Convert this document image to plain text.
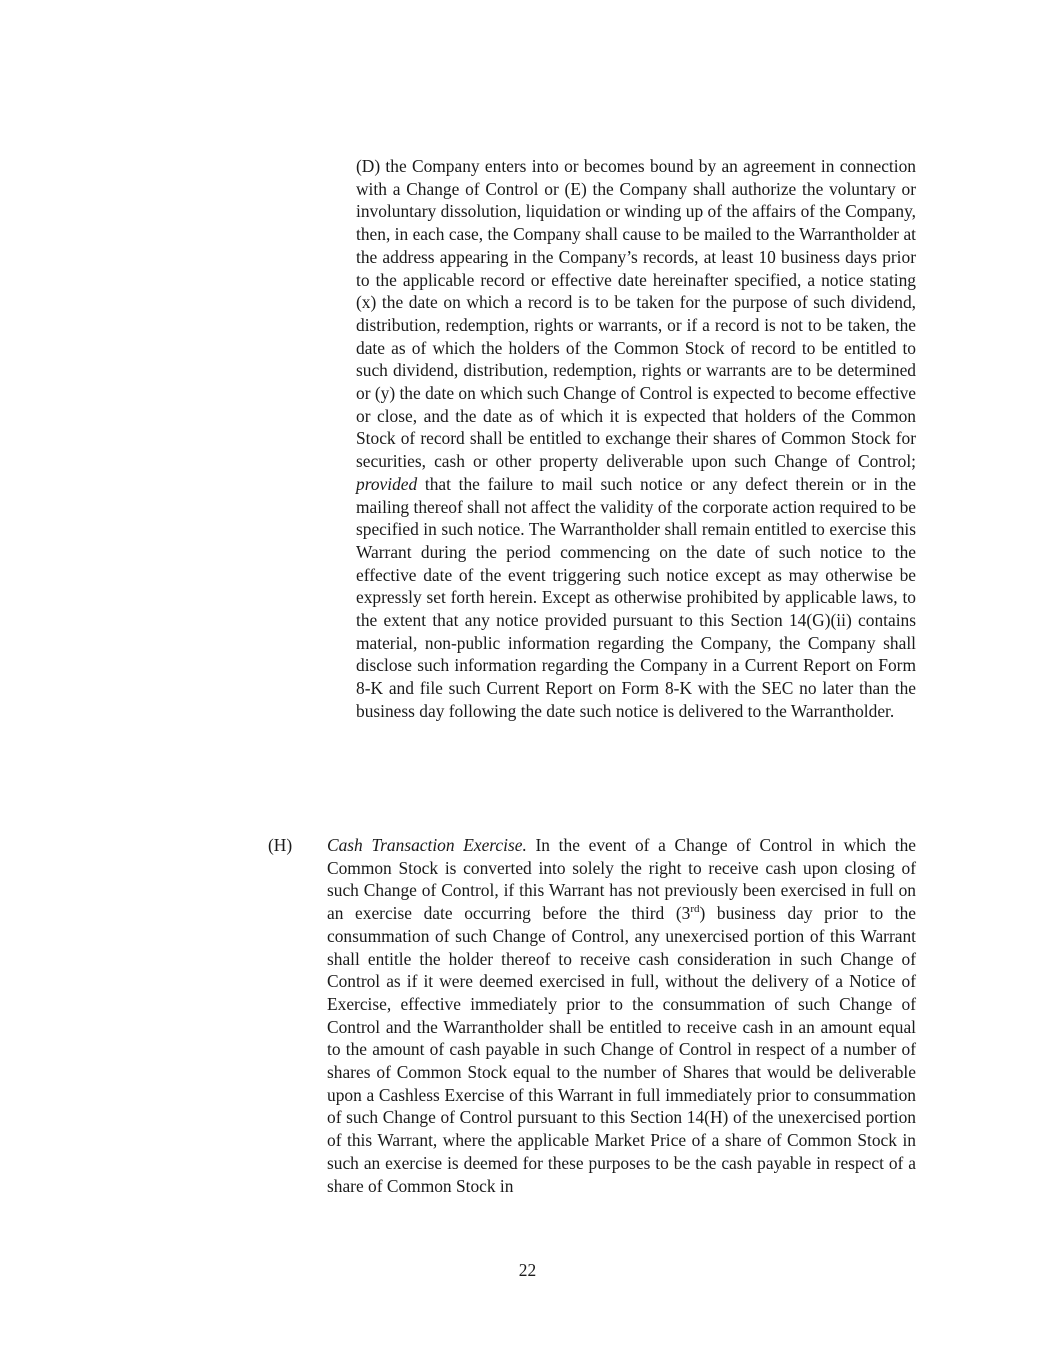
(D) the Company enters into or becomes bound by an agreement in connection with a Change of Control or (E) the Company shall authorize the voluntary or involuntary dissolution, liquidation or winding up of the affairs of the Company, then, in each case, the Company shall cause to be mailed to the Warrantholder at the address appearing in the Company’s records, at least 10 business days prior to the applicable record or effective date hereinafter specified, a notice stating (x) the date on which a record is to be taken for the purpose of such dividend, distribution, redemption, rights or warrants, or if a record is not to be taken, the date as of which the holders of the Common Stock of record to be entitled to such dividend, distribution, redemption, rights or warrants are to be determined or (y) the date on which such Change of Control is expected to become effective or close, and the date as of which it is expected that holders of the Common Stock of record shall be entitled to exchange their shares of Common Stock for securities, cash or other property deliverable upon such Change of Control; provided that the failure to mail such notice or any defect therein or in the mailing thereof shall not affect the validity of the corporate action required to be specified in such notice. The Warrantholder shall remain entitled to exercise this Warrant during the period commencing on the date of such notice to the effective date of the event triggering such notice except as may otherwise be expressly set forth herein. Except as otherwise prohibited by applicable laws, to the extent that any notice provided pursuant to this Section 14(G)(ii) contains material, non-public information regarding the Company, the Company shall disclose such information regarding the Company in a Current Report on Form 8-K and file such Current Report on Form 8-K with the SEC no later than the business day following the date such notice is delivered to the Warrantholder.

(H) Cash Transaction Exercise. In the event of a Change of Control in which the Common Stock is converted into solely the right to receive cash upon closing of such Change of Control, if this Warrant has not previously been exercised in full on an exercise date occurring before the third (3rd) business day prior to the consummation of such Change of Control, any unexercised portion of this Warrant shall entitle the holder thereof to receive cash consideration in such Change of Control as if it were deemed exercised in full, without the delivery of a Notice of Exercise, effective immediately prior to the consummation of such Change of Control and the Warrantholder shall be entitled to receive cash in an amount equal to the amount of cash payable in such Change of Control in respect of a number of shares of Common Stock equal to the number of Shares that would be deliverable upon a Cashless Exercise of this Warrant in full immediately prior to consummation of such Change of Control pursuant to this Section 14(H) of the unexercised portion of this Warrant, where the applicable Market Price of a share of Common Stock in such an exercise is deemed for these purposes to be the cash payable in respect of a share of Common Stock in

22
